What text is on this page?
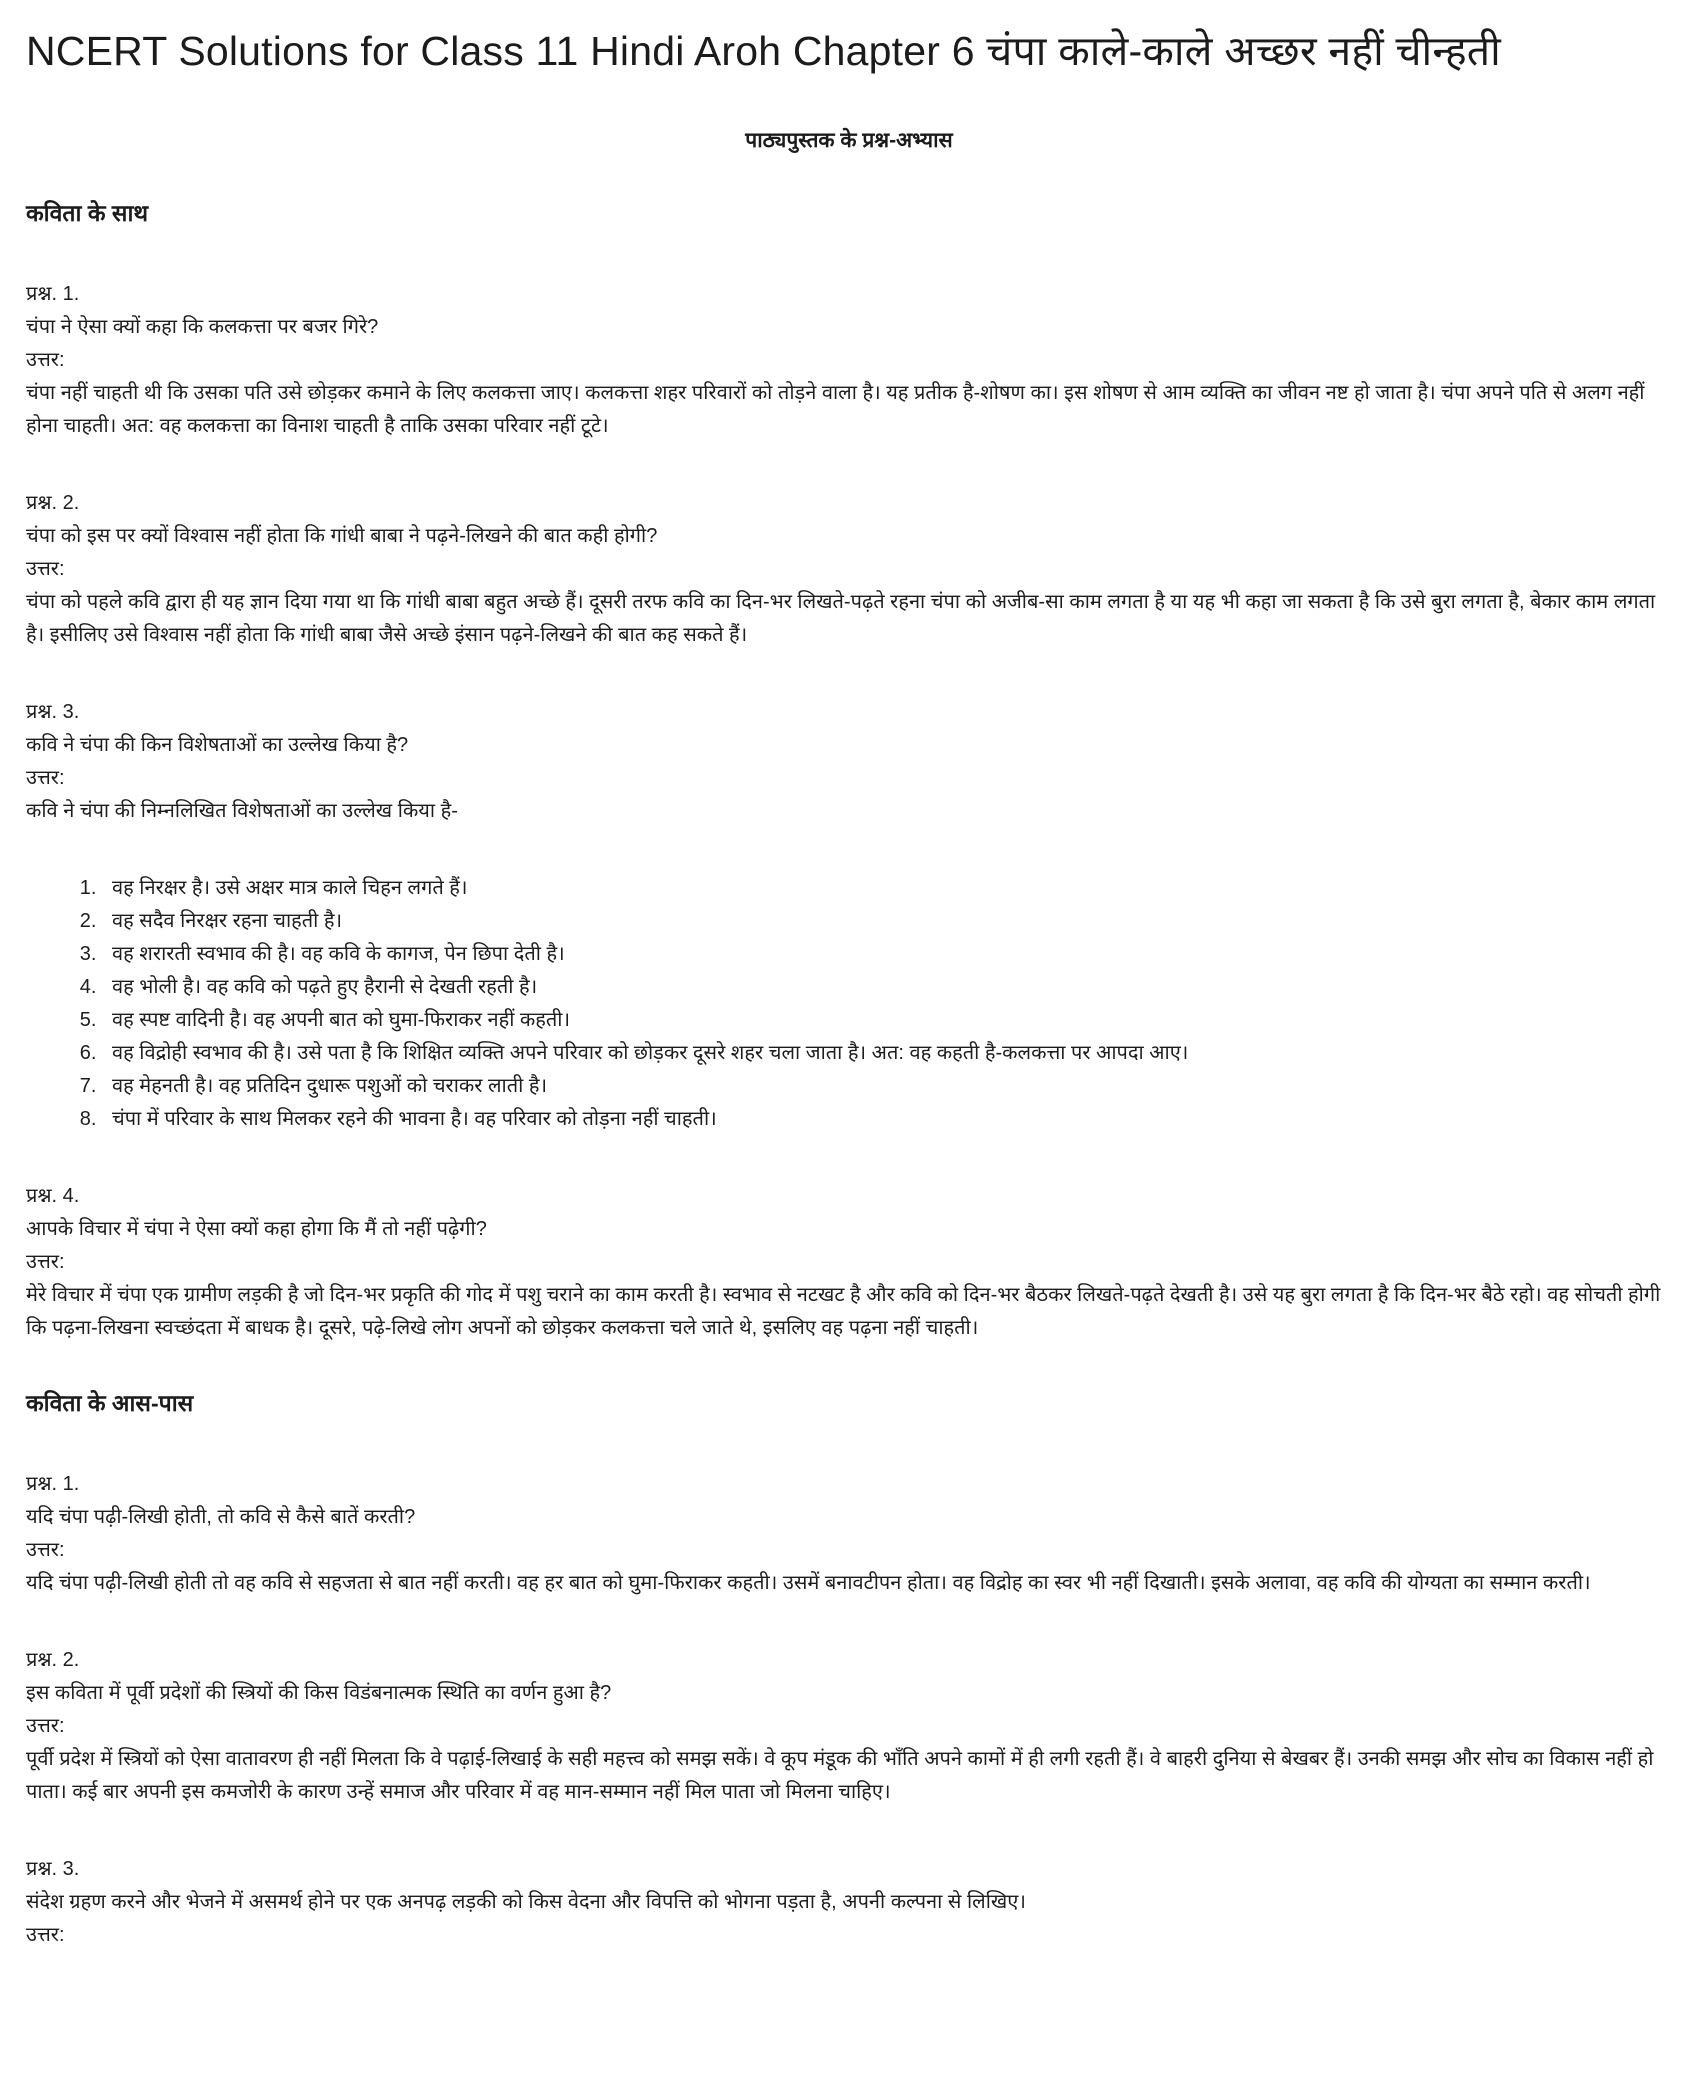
NCERT Solutions for Class 11 Hindi Aroh Chapter 6 चंपा काले-काले अच्छर नहीं चीन्हती
पाठ्यपुस्तक के प्रश्न-अभ्यास
कविता के साथ

प्रश्न. 1.

चंपा ने ऐसा क्यों कहा कि कलकत्ता पर बजर गिरे?

उत्तर:

चंपा नहीं चाहती थी कि उसका पति उसे छोड़कर कमाने के लिए कलकत्ता जाए। कलकत्ता शहर परिवारों को तोड़ने वाला है। यह प्रतीक है-शोषण का। इस शोषण से आम व्यक्ति का जीवन नष्ट हो जाता है। चंपा अपने पति से अलग नहीं होना चाहती। अत: वह कलकत्ता का विनाश चाहती है ताकि उसका परिवार नहीं टूटे।

प्रश्न. 2.

चंपा को इस पर क्यों विश्वास नहीं होता कि गांधी बाबा ने पढ़ने-लिखने की बात कही होगी?

उत्तर:

चंपा को पहले कवि द्वारा ही यह ज्ञान दिया गया था कि गांधी बाबा बहुत अच्छे हैं। दूसरी तरफ कवि का दिन-भर लिखते-पढ़ते रहना चंपा को अजीब-सा काम लगता है या यह भी कहा जा सकता है कि उसे बुरा लगता है, बेकार काम लगता है। इसीलिए उसे विश्वास नहीं होता कि गांधी बाबा जैसे अच्छे इंसान पढ़ने-लिखने की बात कह सकते हैं।

प्रश्न. 3.

कवि ने चंपा की किन विशेषताओं का उल्लेख किया है?

उत्तर:

कवि ने चंपा की निम्नलिखित विशेषताओं का उल्लेख किया है-

1. वह निरक्षर है। उसे अक्षर मात्र काले चिहन लगते हैं।
2. वह सदैव निरक्षर रहना चाहती है।
3. वह शरारती स्वभाव की है। वह कवि के कागज, पेन छिपा देती है।
4. वह भोली है। वह कवि को पढ़ते हुए हैरानी से देखती रहती है।
5. वह स्पष्ट वादिनी है। वह अपनी बात को घुमा-फिराकर नहीं कहती।
6. वह विद्रोही स्वभाव की है। उसे पता है कि शिक्षित व्यक्ति अपने परिवार को छोड़कर दूसरे शहर चला जाता है। अत: वह कहती है-कलकत्ता पर आपदा आए।
7. वह मेहनती है। वह प्रतिदिन दुधारू पशुओं को चराकर लाती है।
8. चंपा में परिवार के साथ मिलकर रहने की भावना है। वह परिवार को तोड़ना नहीं चाहती।

प्रश्न. 4.

आपके विचार में चंपा ने ऐसा क्यों कहा होगा कि मैं तो नहीं पढ़ेगी?

उत्तर:

मेरे विचार में चंपा एक ग्रामीण लड़की है जो दिन-भर प्रकृति की गोद में पशु चराने का काम करती है। स्वभाव से नटखट है और कवि को दिन-भर बैठकर लिखते-पढ़ते देखती है। उसे यह बुरा लगता है कि दिन-भर बैठे रहो। वह सोचती होगी कि पढ़ना-लिखना स्वच्छंदता में बाधक है। दूसरे, पढ़े-लिखे लोग अपनों को छोड़कर कलकत्ता चले जाते थे, इसलिए वह पढ़ना नहीं चाहती।

कविता के आस-पास

प्रश्न. 1.

यदि चंपा पढ़ी-लिखी होती, तो कवि से कैसे बातें करती?

उत्तर:

यदि चंपा पढ़ी-लिखी होती तो वह कवि से सहजता से बात नहीं करती। वह हर बात को घुमा-फिराकर कहती। उसमें बनावटीपन होता। वह विद्रोह का स्वर भी नहीं दिखाती। इसके अलावा, वह कवि की योग्यता का सम्मान करती।

प्रश्न. 2.

इस कविता में पूर्वी प्रदेशों की स्त्रियों की किस विडंबनात्मक स्थिति का वर्णन हुआ है?

उत्तर:

पूर्वी प्रदेश में स्त्रियों को ऐसा वातावरण ही नहीं मिलता कि वे पढ़ाई-लिखाई के सही महत्त्व को समझ सकें। वे कूप मंडूक की भाँति अपने कामों में ही लगी रहती हैं। वे बाहरी दुनिया से बेखबर हैं। उनकी समझ और सोच का विकास नहीं हो पाता। कई बार अपनी इस कमजोरी के कारण उन्हें समाज और परिवार में वह मान-सम्मान नहीं मिल पाता जो मिलना चाहिए।

प्रश्न. 3.

संदेश ग्रहण करने और भेजने में असमर्थ होने पर एक अनपढ़ लड़की को किस वेदना और विपत्ति को भोगना पड़ता है, अपनी कल्पना से लिखिए।

उत्तर:
